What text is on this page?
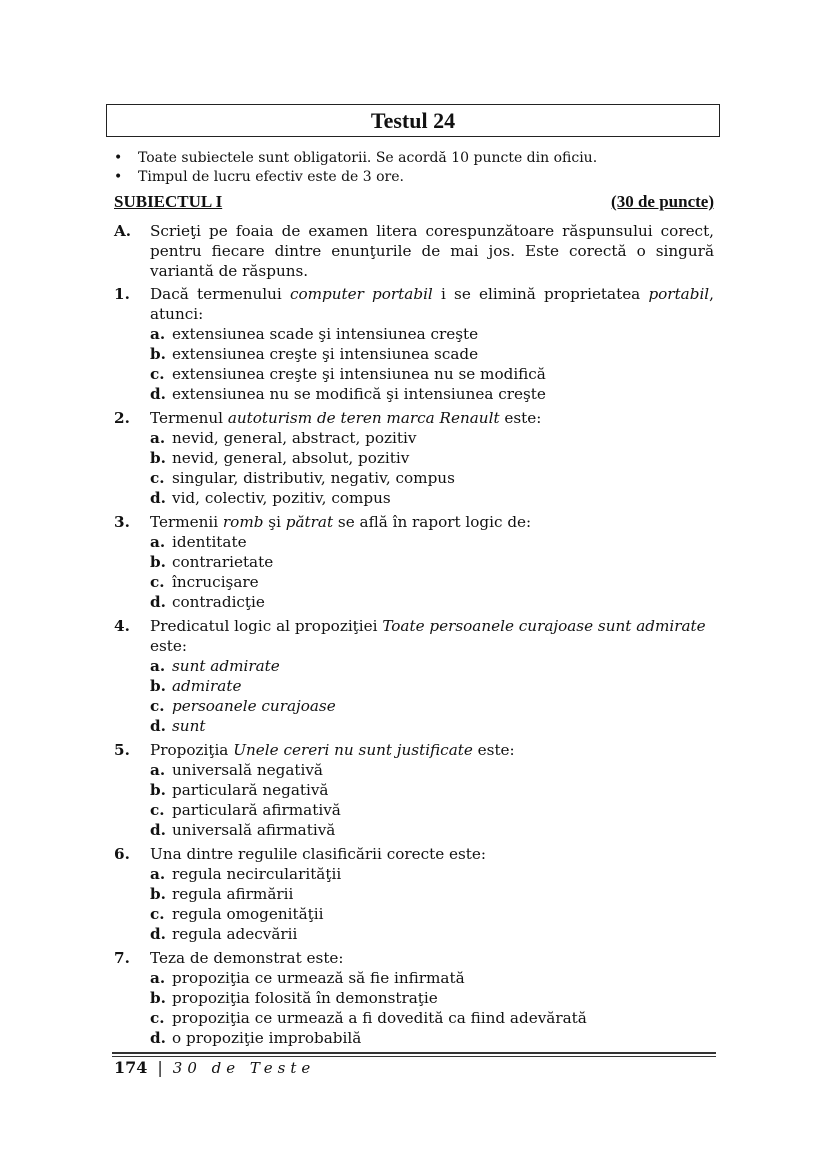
Testul 24
•	Toate subiectele sunt obligatorii. Se acordă 10 puncte din oficiu.
•	Timpul de lucru efectiv este de 3 ore.
SUBIECTUL I	(30 de puncte)
A.	Scrieţi pe foaia de examen litera corespunzătoare răspunsului corect, pentru fiecare dintre enunţurile de mai jos. Este corectă o singură variantă de răspuns.
1.	Dacă termenului computer portabil i se elimină proprietatea portabil, atunci:
a. extensiunea scade şi intensiunea creşte
b. extensiunea creşte şi intensiunea scade
c. extensiunea creşte şi intensiunea nu se modifică
d. extensiunea nu se modifică şi intensiunea creşte
2.	Termenul autoturism de teren marca Renault este:
a. nevid, general, abstract, pozitiv
b. nevid, general, absolut, pozitiv
c. singular, distributiv, negativ, compus
d. vid, colectiv, pozitiv, compus
3.	Termenii romb şi pătrat se află în raport logic de:
a. identitate
b. contrarietate
c. încrucişare
d. contradicţie
4.	Predicatul logic al propoziţiei Toate persoanele curajoase sunt admirate este:
a. sunt admirate
b. admirate
c. persoanele curajoase
d. sunt
5.	Propoziţia Unele cereri nu sunt justificate este:
a. universală negativă
b. particulară negativă
c. particulară afirmativă
d. universală afirmativă
6.	Una dintre regulile clasificării corecte este:
a. regula necircularităţii
b. regula afirmării
c. regula omogenităţii
d. regula adecvării
7.	Teza de demonstrat este:
a. propoziţia ce urmează să fie infirmată
b. propoziţia folosită în demonstraţie
c. propoziţia ce urmează a fi dovedită ca fiind adevărată
d. o propoziţie improbabilă
174 | 30 de Teste
